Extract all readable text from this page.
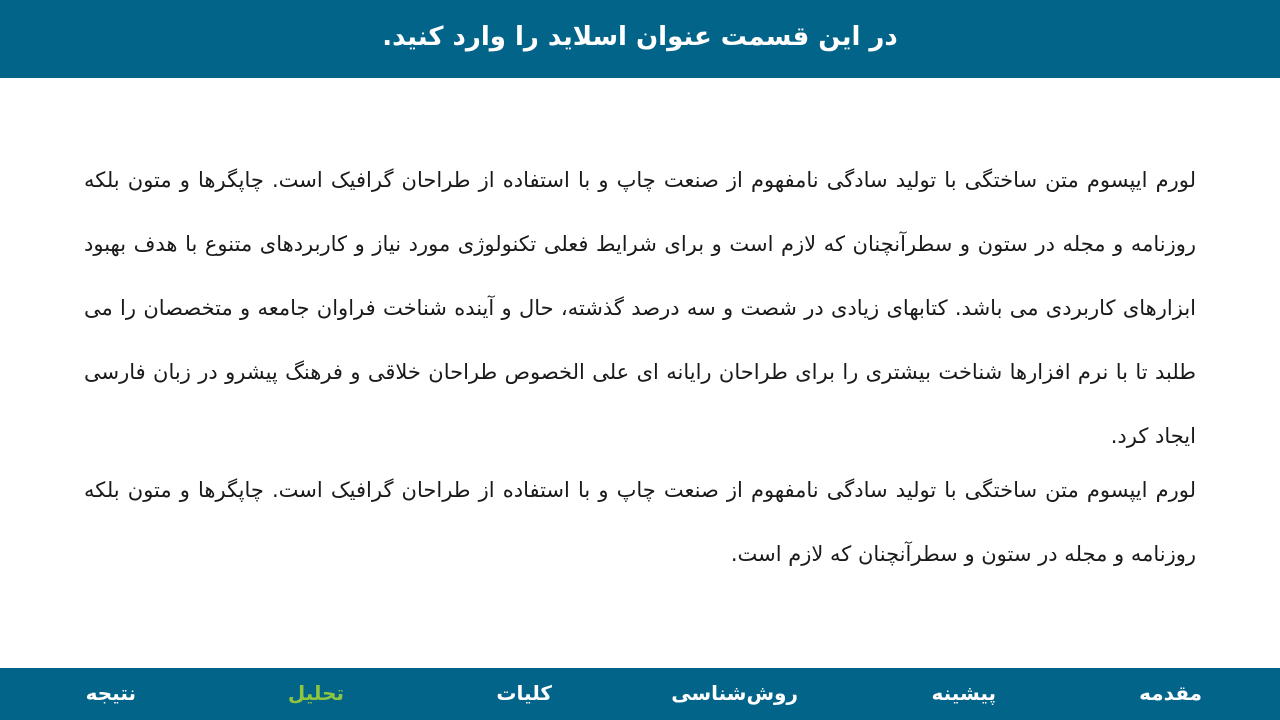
در این قسمت عنوان اسلاید را وارد کنید.

لورم ایپسوم متن ساختگی با تولید سادگی نامفهوم از صنعت چاپ و با استفاده از طراحان گرافیک است. چاپگرها و متون بلکه روزنامه و مجله در ستون و سطرآنچنان که لازم است و برای شرایط فعلی تکنولوژی مورد نیاز و کاربردهای متنوع با هدف بهبود ابزارهای کاربردی می باشد. کتابهای زیادی در شصت و سه درصد گذشته، حال و آینده شناخت فراوان جامعه و متخصصان را می طلبد تا با نرم افزارها شناخت بیشتری را برای طراحان رایانه ای علی الخصوص طراحان خلاقی و فرهنگ پیشرو در زبان فارسی ایجاد کرد.

لورم ایپسوم متن ساختگی با تولید سادگی نامفهوم از صنعت چاپ و با استفاده از طراحان گرافیک است. چاپگرها و متون بلکه روزنامه و مجله در ستون و سطرآنچنان که لازم است.

مقدمه
پیشینه
روش‌شناسی
کلیات
تحلیل
نتیجه
